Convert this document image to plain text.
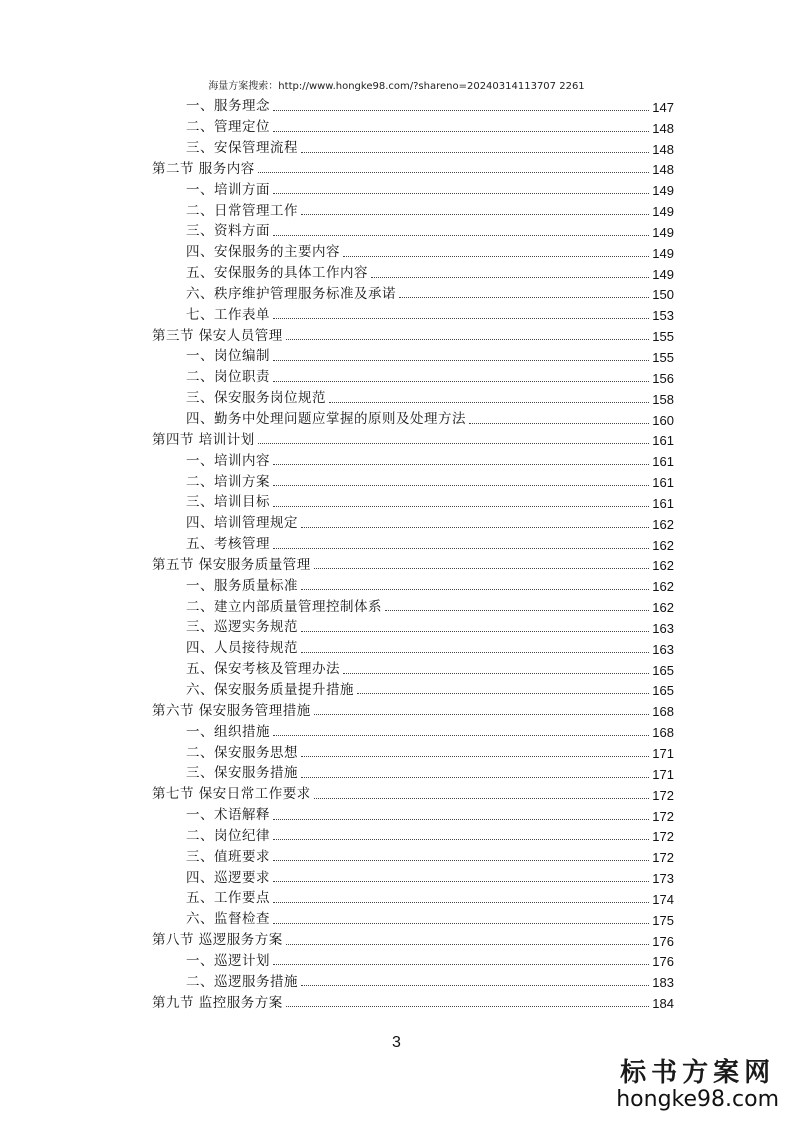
海量方案搜索：http://www.hongke98.com/?shareno=20240314113707 2261
一、服务理念	147
二、管理定位	148
三、安保管理流程	148
第二节 服务内容	148
一、培训方面	149
二、日常管理工作	149
三、资料方面	149
四、安保服务的主要内容	149
五、安保服务的具体工作内容	149
六、秩序维护管理服务标准及承诺	150
七、工作表单	153
第三节 保安人员管理	155
一、岗位编制	155
二、岗位职责	156
三、保安服务岗位规范	158
四、勤务中处理问题应掌握的原则及处理方法	160
第四节 培训计划	161
一、培训内容	161
二、培训方案	161
三、培训目标	161
四、培训管理规定	162
五、考核管理	162
第五节 保安服务质量管理	162
一、服务质量标准	162
二、建立内部质量管理控制体系	162
三、巡逻实务规范	163
四、人员接待规范	163
五、保安考核及管理办法	165
六、保安服务质量提升措施	165
第六节 保安服务管理措施	168
一、组织措施	168
二、保安服务思想	171
三、保安服务措施	171
第七节 保安日常工作要求	172
一、术语解释	172
二、岗位纪律	172
三、值班要求	172
四、巡逻要求	173
五、工作要点	174
六、监督检查	175
第八节 巡逻服务方案	176
一、巡逻计划	176
二、巡逻服务措施	183
第九节 监控服务方案	184
3
标书方案网
hongke98.com
